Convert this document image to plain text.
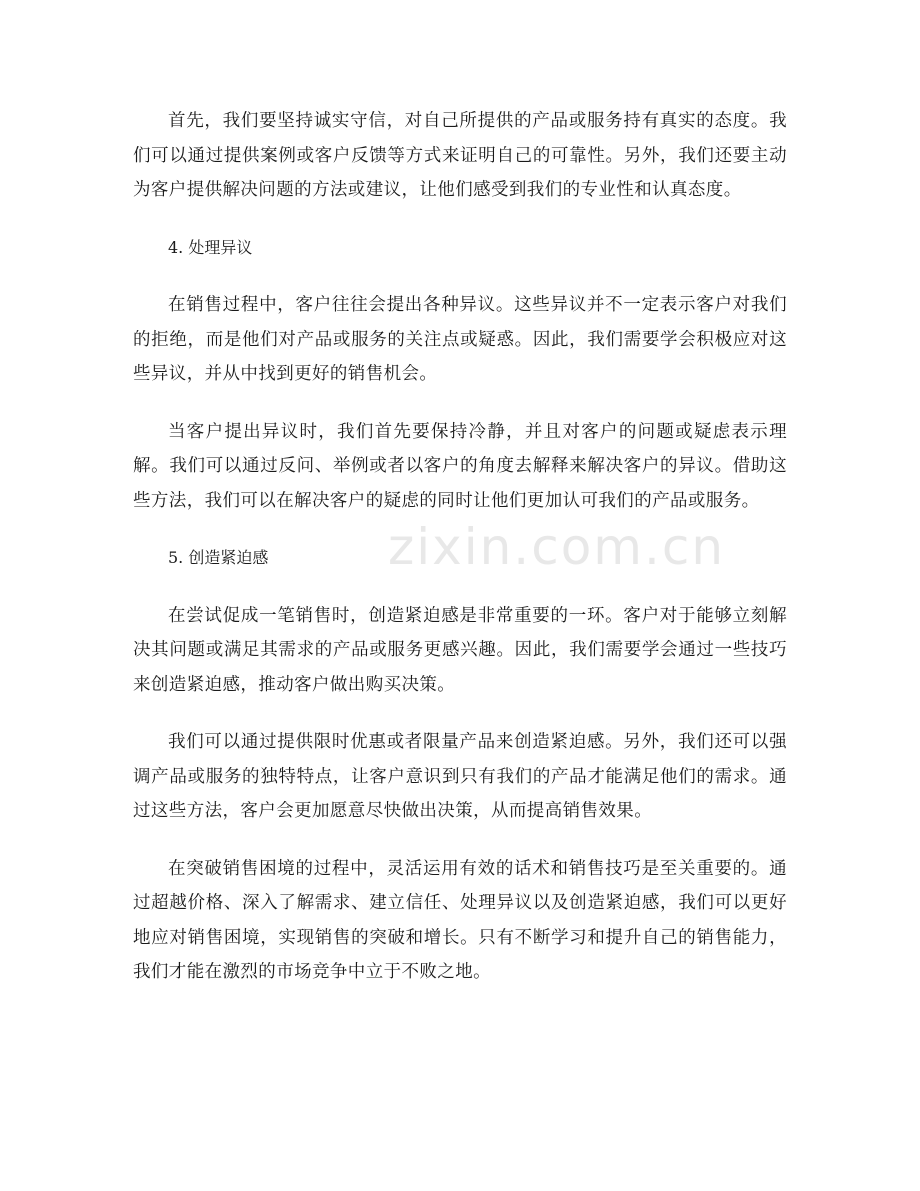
zixin.com.cn

首先，我们要坚持诚实守信，对自己所提供的产品或服务持有真实的态度。我们可以通过提供案例或客户反馈等方式来证明自己的可靠性。另外，我们还要主动为客户提供解决问题的方法或建议，让他们感受到我们的专业性和认真态度。

4. 处理异议

在销售过程中，客户往往会提出各种异议。这些异议并不一定表示客户对我们的拒绝，而是他们对产品或服务的关注点或疑惑。因此，我们需要学会积极应对这些异议，并从中找到更好的销售机会。

当客户提出异议时，我们首先要保持冷静，并且对客户的问题或疑虑表示理解。我们可以通过反问、举例或者以客户的角度去解释来解决客户的异议。借助这些方法，我们可以在解决客户的疑虑的同时让他们更加认可我们的产品或服务。

5. 创造紧迫感

在尝试促成一笔销售时，创造紧迫感是非常重要的一环。客户对于能够立刻解决其问题或满足其需求的产品或服务更感兴趣。因此，我们需要学会通过一些技巧来创造紧迫感，推动客户做出购买决策。

我们可以通过提供限时优惠或者限量产品来创造紧迫感。另外，我们还可以强调产品或服务的独特特点，让客户意识到只有我们的产品才能满足他们的需求。通过这些方法，客户会更加愿意尽快做出决策，从而提高销售效果。

在突破销售困境的过程中，灵活运用有效的话术和销售技巧是至关重要的。通过超越价格、深入了解需求、建立信任、处理异议以及创造紧迫感，我们可以更好地应对销售困境，实现销售的突破和增长。只有不断学习和提升自己的销售能力，我们才能在激烈的市场竞争中立于不败之地。
